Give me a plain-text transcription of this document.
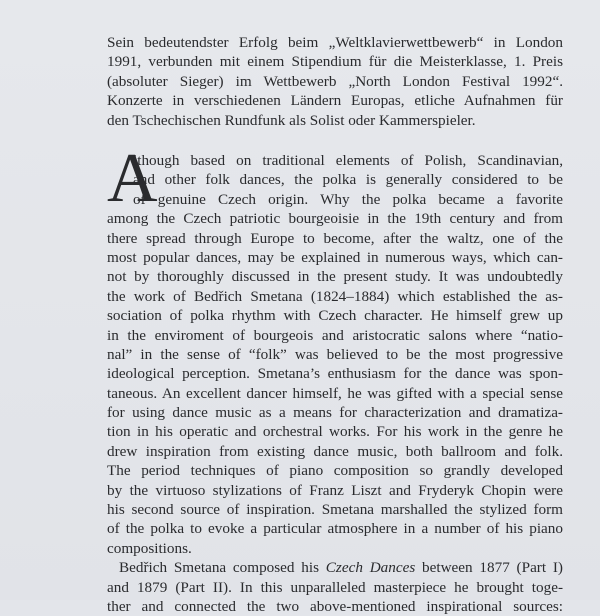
Sein bedeutendster Erfolg beim „Weltklavierwettbewerb“ in London
1991, verbunden mit einem Stipendium für die Meisterklasse, 1. Preis
(absoluter Sieger) im Wettbewerb „North London Festival 1992“.
Konzerte in verschiedenen Ländern Europas, etliche Aufnahmen für
den Tschechischen Rundfunk als Solist oder Kammerspieler.
A
lthough based on traditional elements of Polish, Scandinavian,
and other folk dances, the polka is generally considered to be
of genuine Czech origin. Why the polka became a favorite
among the Czech patriotic bourgeoisie in the 19th century and from
there spread through Europe to become, after the waltz, one of the
most popular dances, may be explained in numerous ways, which can-
not by thoroughly discussed in the present study. It was undoubtedly
the work of Bedřich Smetana (1824–1884) which established the as-
sociation of polka rhythm with Czech character. He himself grew up
in the enviroment of bourgeois and aristocratic salons where “natio-
nal” in the sense of “folk” was believed to be the most progressive
ideological perception. Smetana’s enthusiasm for the dance was spon-
taneous. An excellent dancer himself, he was gifted with a special sense
for using dance music as a means for characterization and dramatiza-
tion in his operatic and orchestral works. For his work in the genre he
drew inspiration from existing dance music, both ballroom and folk.
The period techniques of piano composition so grandly developed
by the virtuoso stylizations of Franz Liszt and Fryderyk Chopin were
his second source of inspiration. Smetana marshalled the stylized form
of the polka to evoke a particular atmosphere in a number of his piano
compositions.
Bedřich Smetana composed his Czech Dances between 1877 (Part I)
and 1879 (Part II). In this unparalleled masterpiece he brought toge-
ther and connected the two above-mentioned inspirational sources:
